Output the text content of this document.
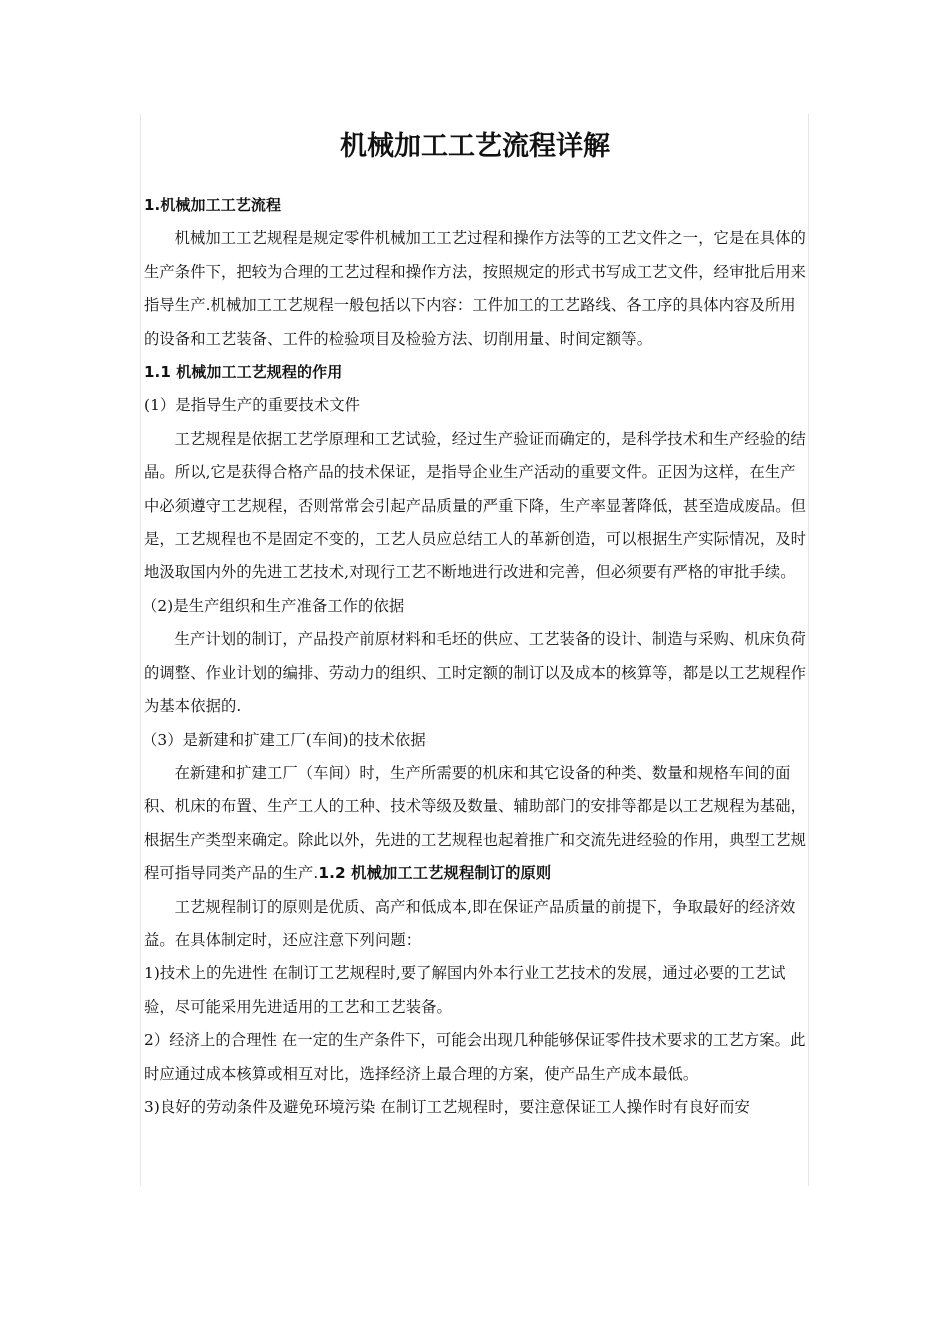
机械加工工艺流程详解

1.机械加工工艺流程

机械加工工艺规程是规定零件机械加工工艺过程和操作方法等的工艺文件之一，它是在具体的生产条件下，把较为合理的工艺过程和操作方法，按照规定的形式书写成工艺文件，经审批后用来指导生产.机械加工工艺规程一般包括以下内容：工件加工的工艺路线、各工序的具体内容及所用的设备和工艺装备、工件的检验项目及检验方法、切削用量、时间定额等。

1.1 机械加工工艺规程的作用

(1）是指导生产的重要技术文件

工艺规程是依据工艺学原理和工艺试验，经过生产验证而确定的，是科学技术和生产经验的结晶。所以,它是获得合格产品的技术保证，是指导企业生产活动的重要文件。正因为这样，在生产中必须遵守工艺规程，否则常常会引起产品质量的严重下降，生产率显著降低，甚至造成废品。但是，工艺规程也不是固定不变的，工艺人员应总结工人的革新创造，可以根据生产实际情况，及时地汲取国内外的先进工艺技术,对现行工艺不断地进行改进和完善，但必须要有严格的审批手续。

（2)是生产组织和生产准备工作的依据

生产计划的制订，产品投产前原材料和毛坯的供应、工艺装备的设计、制造与采购、机床负荷的调整、作业计划的编排、劳动力的组织、工时定额的制订以及成本的核算等，都是以工艺规程作为基本依据的.

（3）是新建和扩建工厂(车间)的技术依据

在新建和扩建工厂（车间）时，生产所需要的机床和其它设备的种类、数量和规格车间的面积、机床的布置、生产工人的工种、技术等级及数量、辅助部门的安排等都是以工艺规程为基础，根据生产类型来确定。除此以外，先进的工艺规程也起着推广和交流先进经验的作用，典型工艺规程可指导同类产品的生产.1.2 机械加工工艺规程制订的原则

工艺规程制订的原则是优质、高产和低成本,即在保证产品质量的前提下，争取最好的经济效益。在具体制定时，还应注意下列问题：

1)技术上的先进性 在制订工艺规程时,要了解国内外本行业工艺技术的发展，通过必要的工艺试验，尽可能采用先进适用的工艺和工艺装备。

2）经济上的合理性 在一定的生产条件下，可能会出现几种能够保证零件技术要求的工艺方案。此时应通过成本核算或相互对比，选择经济上最合理的方案，使产品生产成本最低。

3)良好的劳动条件及避免环境污染 在制订工艺规程时，要注意保证工人操作时有良好而安
